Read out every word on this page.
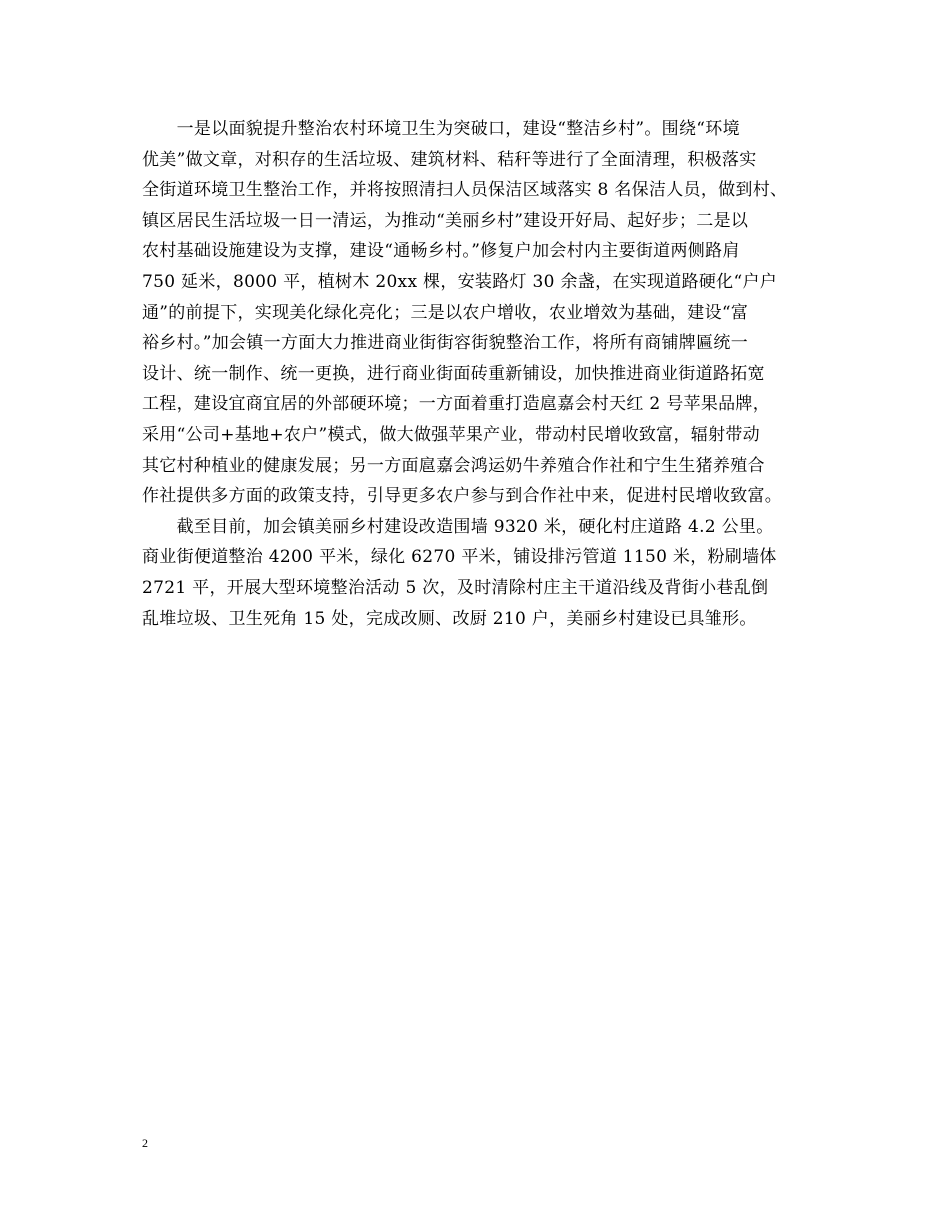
　　一是以面貌提升整治农村环境卫生为突破口，建设“整洁乡村”。围绕“环境
优美”做文章，对积存的生活垃圾、建筑材料、秸秆等进行了全面清理，积极落实
全街道环境卫生整治工作，并将按照清扫人员保洁区域落实 8 名保洁人员，做到村、
镇区居民生活垃圾一日一清运，为推动“美丽乡村”建设开好局、起好步；二是以
农村基础设施建设为支撑，建设“通畅乡村。”修复户加会村内主要街道两侧路肩
750 延米，8000 平，植树木 20xx 棵，安装路灯 30 余盏，在实现道路硬化“户户
通”的前提下，实现美化绿化亮化；三是以农户增收，农业增效为基础，建设“富
裕乡村。”加会镇一方面大力推进商业街街容街貌整治工作，将所有商铺牌匾统一
设计、统一制作、统一更换，进行商业街面砖重新铺设，加快推进商业街道路拓宽
工程，建设宜商宜居的外部硬环境；一方面着重打造扈嘉会村天红 2 号苹果品牌，
采用“公司+基地+农户”模式，做大做强苹果产业，带动村民增收致富，辐射带动
其它村种植业的健康发展；另一方面扈嘉会鸿运奶牛养殖合作社和宁生生猪养殖合
作社提供多方面的政策支持，引导更多农户参与到合作社中来，促进村民增收致富。
　　截至目前，加会镇美丽乡村建设改造围墙 9320 米，硬化村庄道路 4.2 公里。
商业街便道整治 4200 平米，绿化 6270 平米，铺设排污管道 1150 米，粉刷墙体
2721 平，开展大型环境整治活动 5 次，及时清除村庄主干道沿线及背街小巷乱倒
乱堆垃圾、卫生死角 15 处，完成改厕、改厨 210 户，美丽乡村建设已具雏形。
2
